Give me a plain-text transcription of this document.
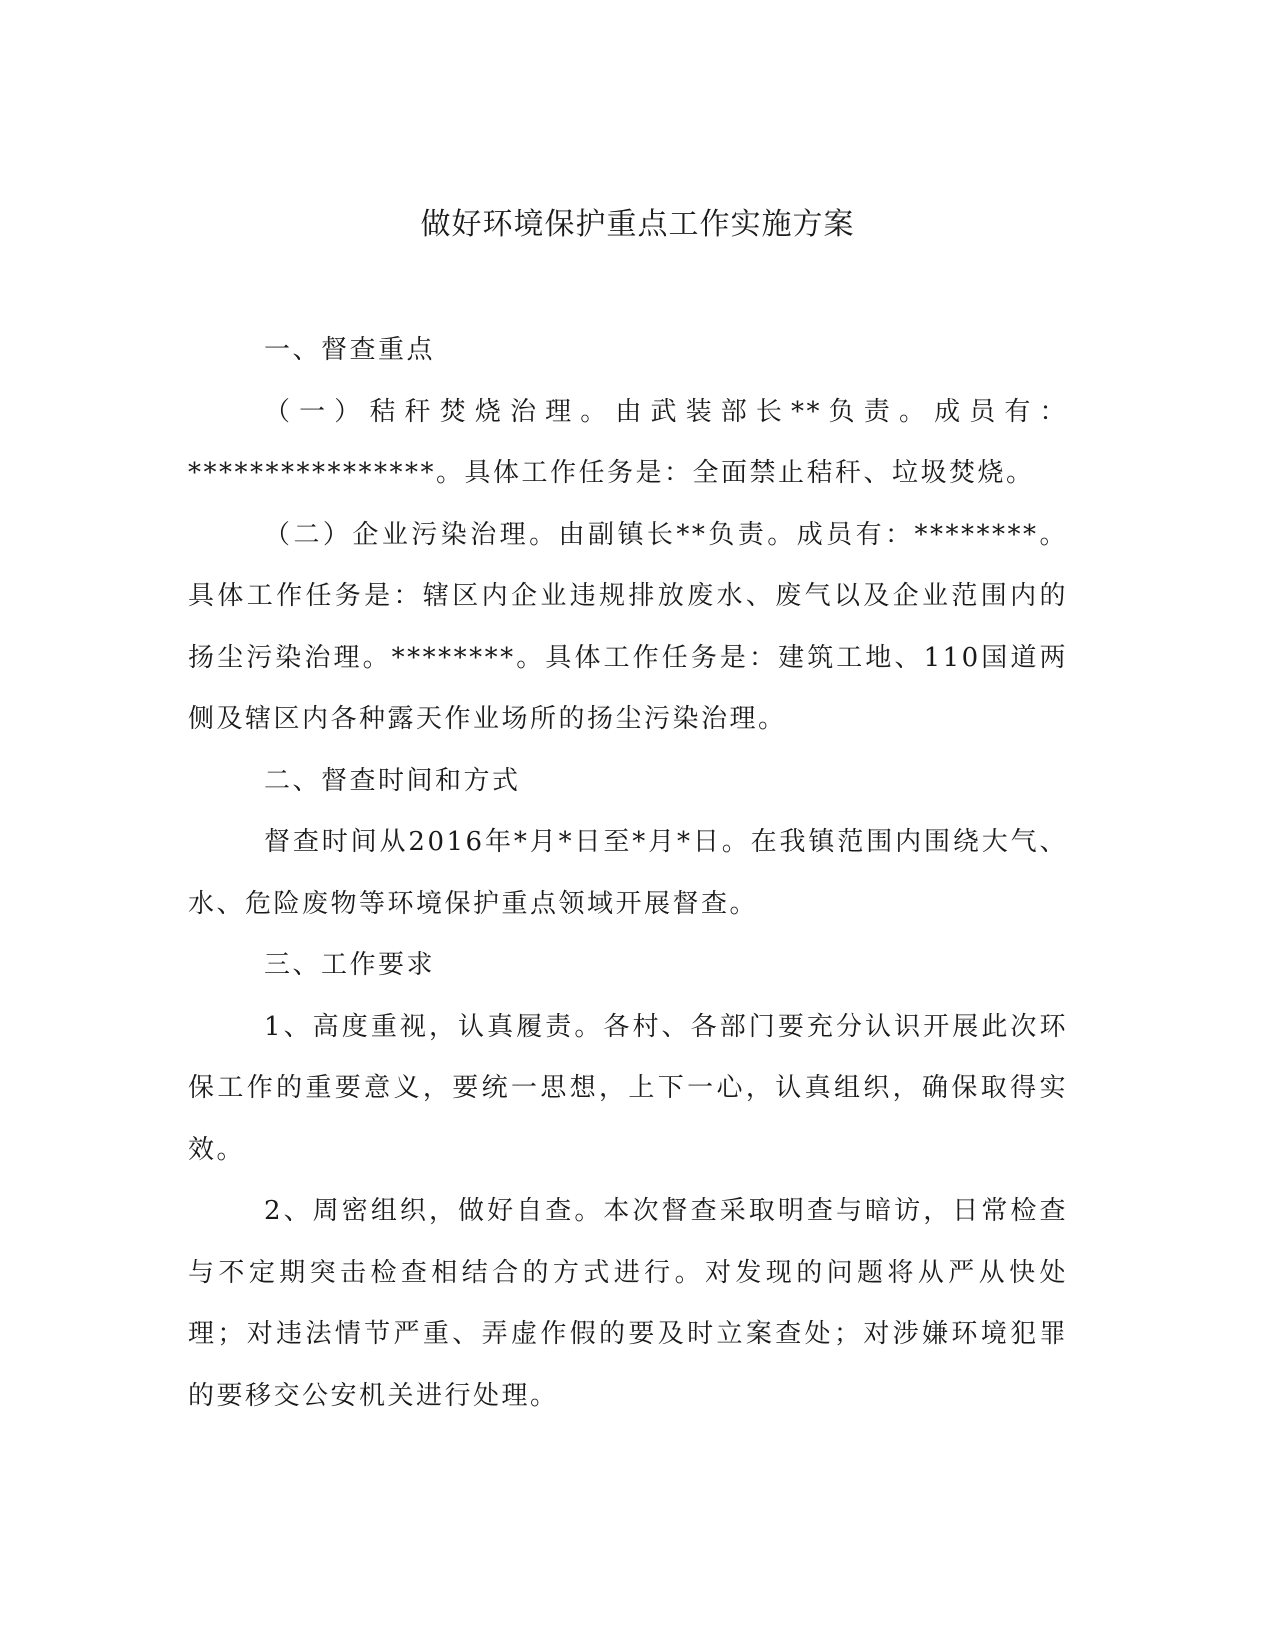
做好环境保护重点工作实施方案

一、督查重点

（一）秸秆焚烧治理。由武装部长**负责。成员有：****************。具体工作任务是：全面禁止秸秆、垃圾焚烧。

（二）企业污染治理。由副镇长**负责。成员有：********。具体工作任务是：辖区内企业违规排放废水、废气以及企业范围内的扬尘污染治理。********。具体工作任务是：建筑工地、110国道两侧及辖区内各种露天作业场所的扬尘污染治理。

二、督查时间和方式

督查时间从2016年*月*日至*月*日。在我镇范围内围绕大气、水、危险废物等环境保护重点领域开展督查。

三、工作要求

1、高度重视，认真履责。各村、各部门要充分认识开展此次环保工作的重要意义，要统一思想，上下一心，认真组织，确保取得实效。

2、周密组织，做好自查。本次督查采取明查与暗访，日常检查与不定期突击检查相结合的方式进行。对发现的问题将从严从快处理；对违法情节严重、弄虚作假的要及时立案查处；对涉嫌环境犯罪的要移交公安机关进行处理。
